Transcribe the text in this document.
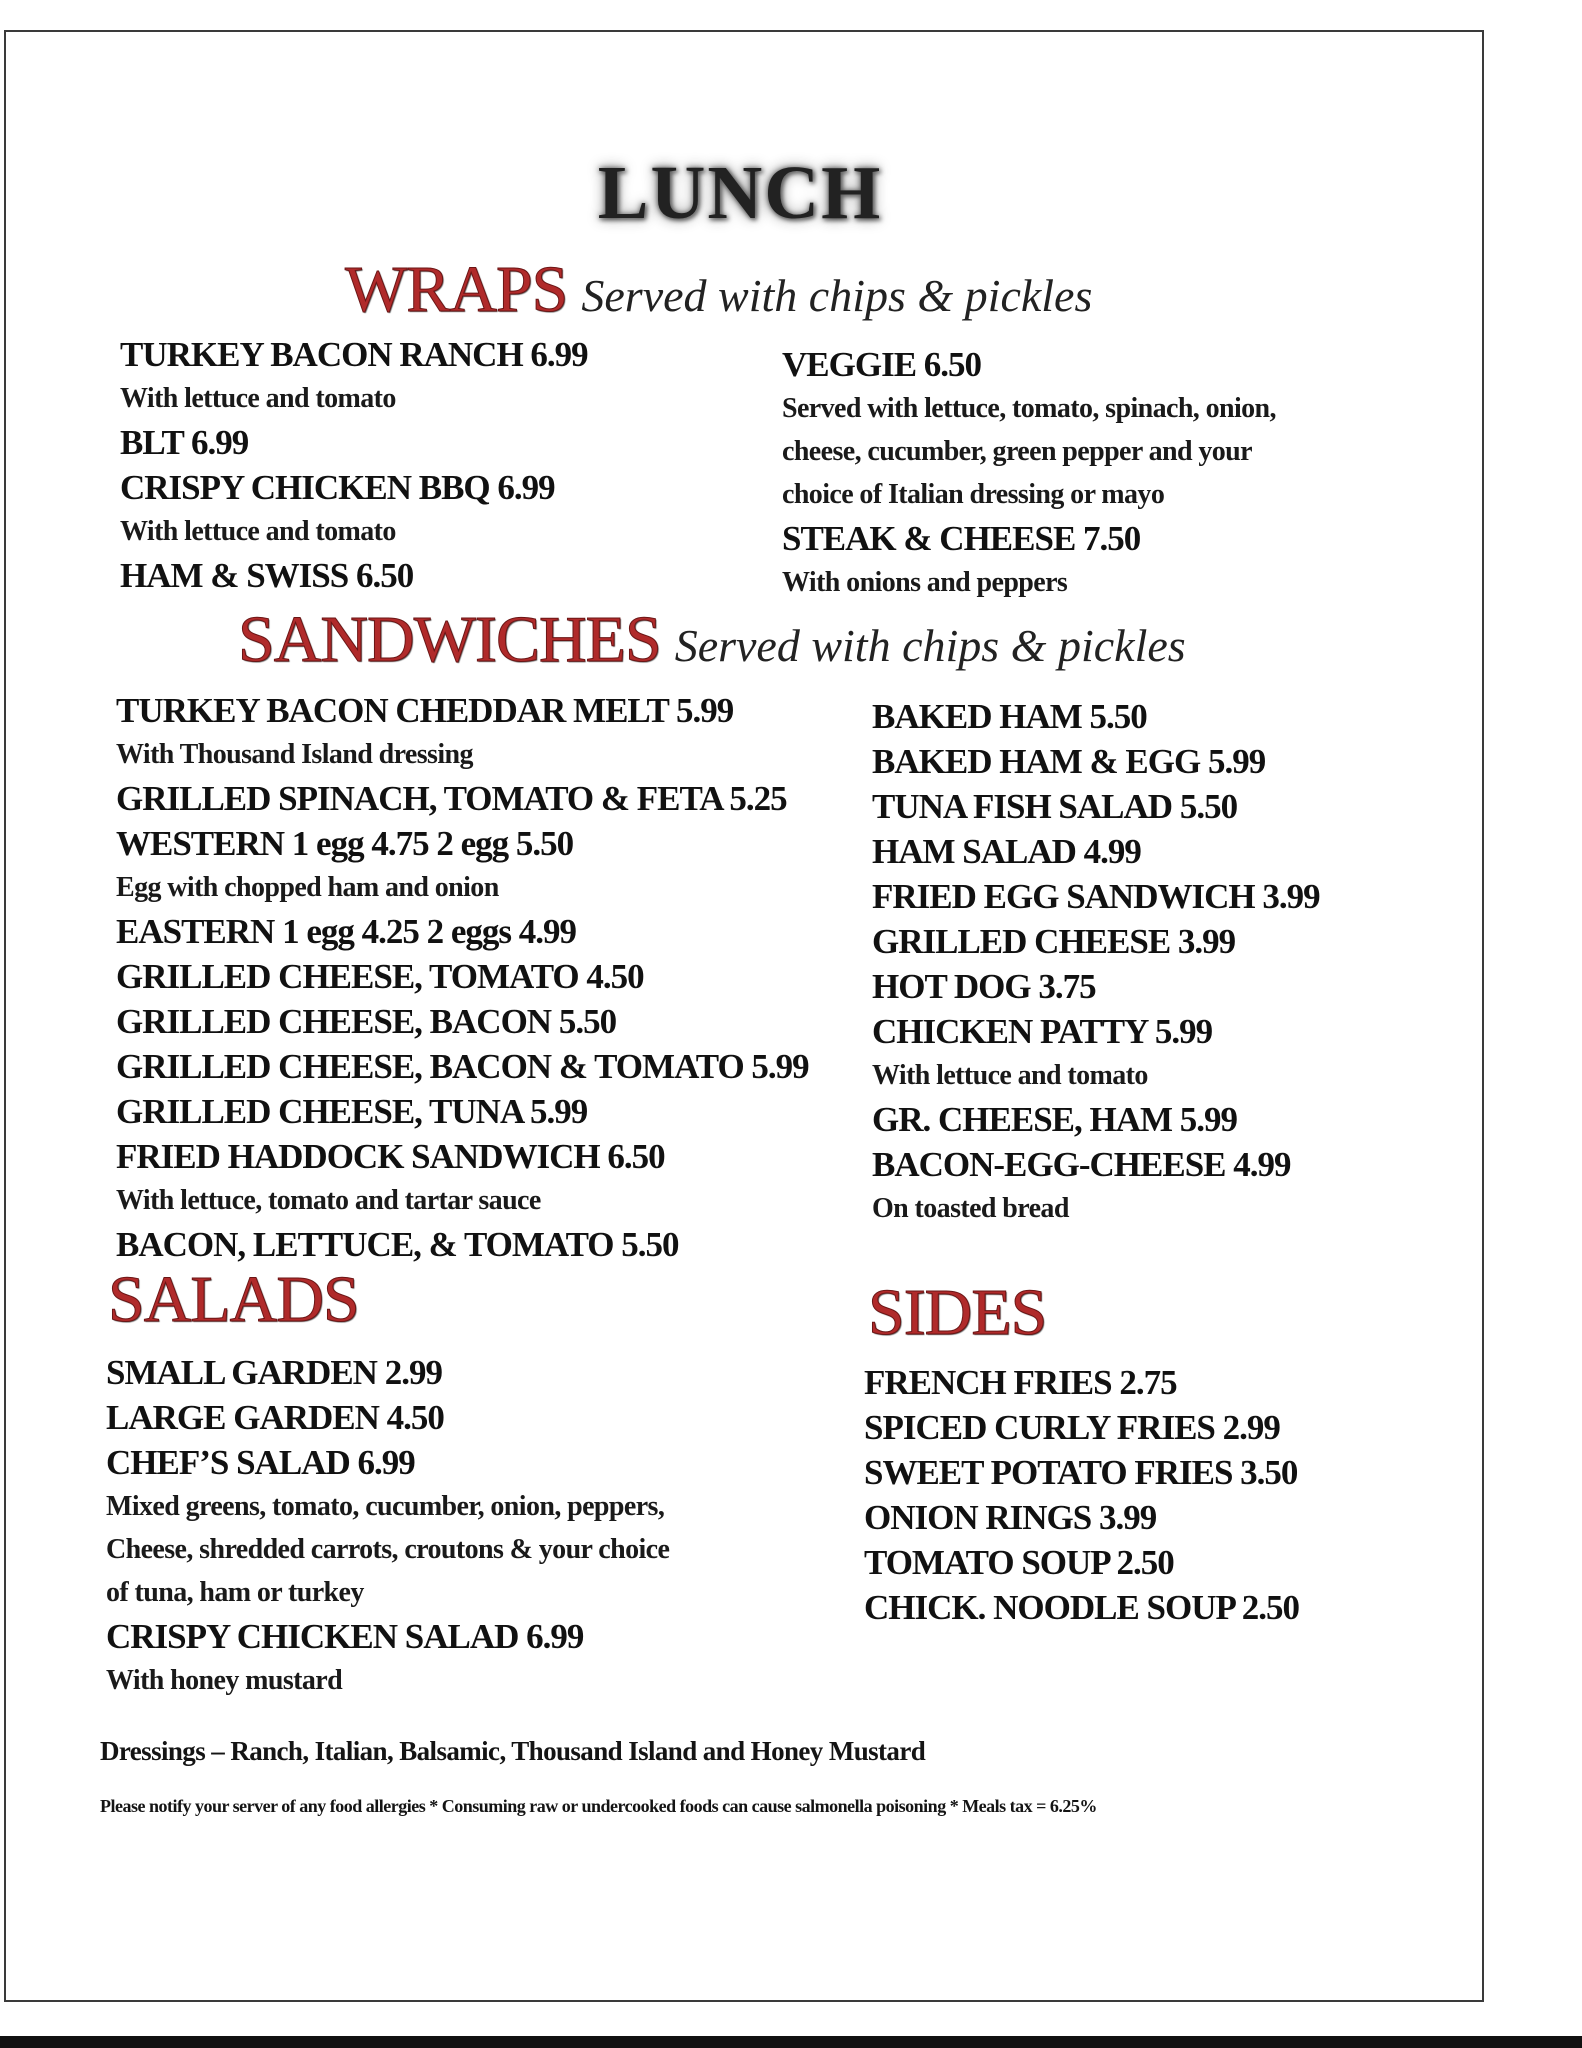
LUNCH
WRAPS Served with chips & pickles
TURKEY BACON RANCH 6.99
With lettuce and tomato
BLT 6.99
CRISPY CHICKEN BBQ 6.99
With lettuce and tomato
HAM & SWISS 6.50
VEGGIE 6.50
Served with lettuce, tomato, spinach, onion,
cheese, cucumber, green pepper and your
choice of Italian dressing or mayo
STEAK & CHEESE 7.50
With onions and peppers
SANDWICHES Served with chips & pickles
TURKEY BACON CHEDDAR MELT 5.99
With Thousand Island dressing
GRILLED SPINACH, TOMATO & FETA 5.25
WESTERN 1 egg 4.75 2 egg 5.50
Egg with chopped ham and onion
EASTERN 1 egg 4.25 2 eggs 4.99
GRILLED CHEESE, TOMATO 4.50
GRILLED CHEESE, BACON 5.50
GRILLED CHEESE, BACON & TOMATO 5.99
GRILLED CHEESE, TUNA 5.99
FRIED HADDOCK SANDWICH 6.50
With lettuce, tomato and tartar sauce
BACON, LETTUCE, & TOMATO 5.50
BAKED HAM 5.50
BAKED HAM & EGG 5.99
TUNA FISH SALAD 5.50
HAM SALAD 4.99
FRIED EGG SANDWICH 3.99
GRILLED CHEESE 3.99
HOT DOG 3.75
CHICKEN PATTY 5.99
With lettuce and tomato
GR. CHEESE, HAM 5.99
BACON-EGG-CHEESE 4.99
On toasted bread
SALADS
SMALL GARDEN 2.99
LARGE GARDEN 4.50
CHEF’S SALAD 6.99
Mixed greens, tomato, cucumber, onion, peppers,
Cheese, shredded carrots, croutons & your choice
of tuna, ham or turkey
CRISPY CHICKEN SALAD 6.99
With honey mustard
SIDES
FRENCH FRIES 2.75
SPICED CURLY FRIES 2.99
SWEET POTATO FRIES 3.50
ONION RINGS 3.99
TOMATO SOUP 2.50
CHICK. NOODLE SOUP 2.50
Dressings – Ranch, Italian, Balsamic, Thousand Island and Honey Mustard
Please notify your server of any food allergies * Consuming raw or undercooked foods can cause salmonella poisoning * Meals tax = 6.25%
